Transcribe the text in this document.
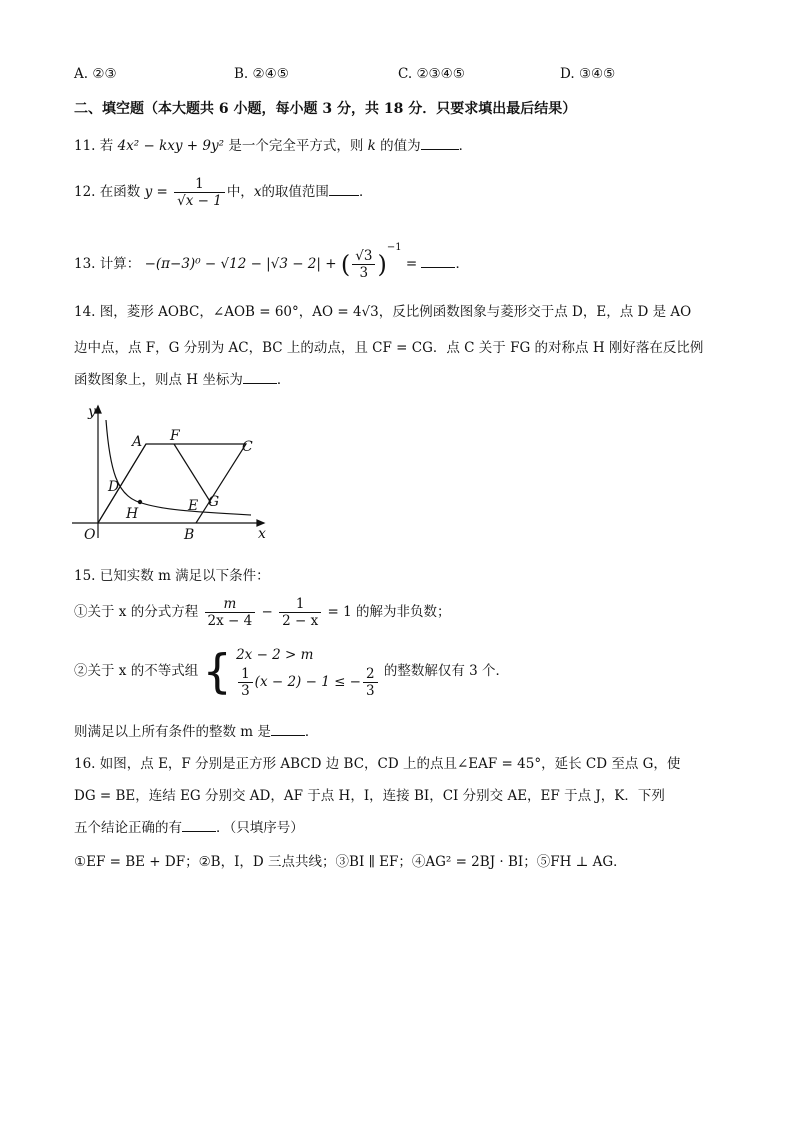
A. ②③	B. ②④⑤	C. ②③④⑤	D. ③④⑤
二、填空题（本大题共 6 小题，每小题 3 分，共 18 分．只要求填出最后结果）
11. 若 4x² − kxy + 9y² 是一个完全平方式，则 k 的值为	．
12. 在函数 $y = \frac{1}{√x - 1}$ 中，x的取值范围 ．
13. 计算： −(π−3)⁰ − √12 − |√3 − 2| + ( $\frac{√3}{3} )^{-1}$ =	．
14. 图，菱形 AOBC，∠AOB = 60°，AO = 4√3，反比例函数图象与菱形交于点 D，E，点 D 是 AO
边中点，点 F，G 分别为 AC，BC 上的动点，且 CF = CG．点 C 关于 FG 的对称点 H 刚好落在反比例
函数图象上，则点 H 坐标为	．
y
x
O
A F
C
D
H	E G
B
15. 已知实数 m 满足以下条件：
①关于 x 的分式方程 $\frac{m}{2x - 4} - \frac{1}{2 - x} = 1$ 的解为非负数；
②关于 x 的不等式组 { 2x − 2 > m
$\frac{1}{3} (x - 2) - 1$ ≤ − $\frac{2}{3}$ 的整数解仅有 3 个．
则满足以上所有条件的整数 m 是	．
16. 如图，点 E，F 分别是正方形 ABCD 边 BC，CD 上的点且∠EAF = 45°，延长 CD 至点 G，使
DG = BE，连结 EG 分别交 AD，AF 于点 H，I，连接 BI，CI 分别交 AE，EF 于点 J，K．下列
五个结论正确的有	．（只填序号）
①EF = BE + DF；②B，I，D 三点共线；③BI ∥ EF；④AG² = 2BJ · BI；⑤FH ⊥ AG．
